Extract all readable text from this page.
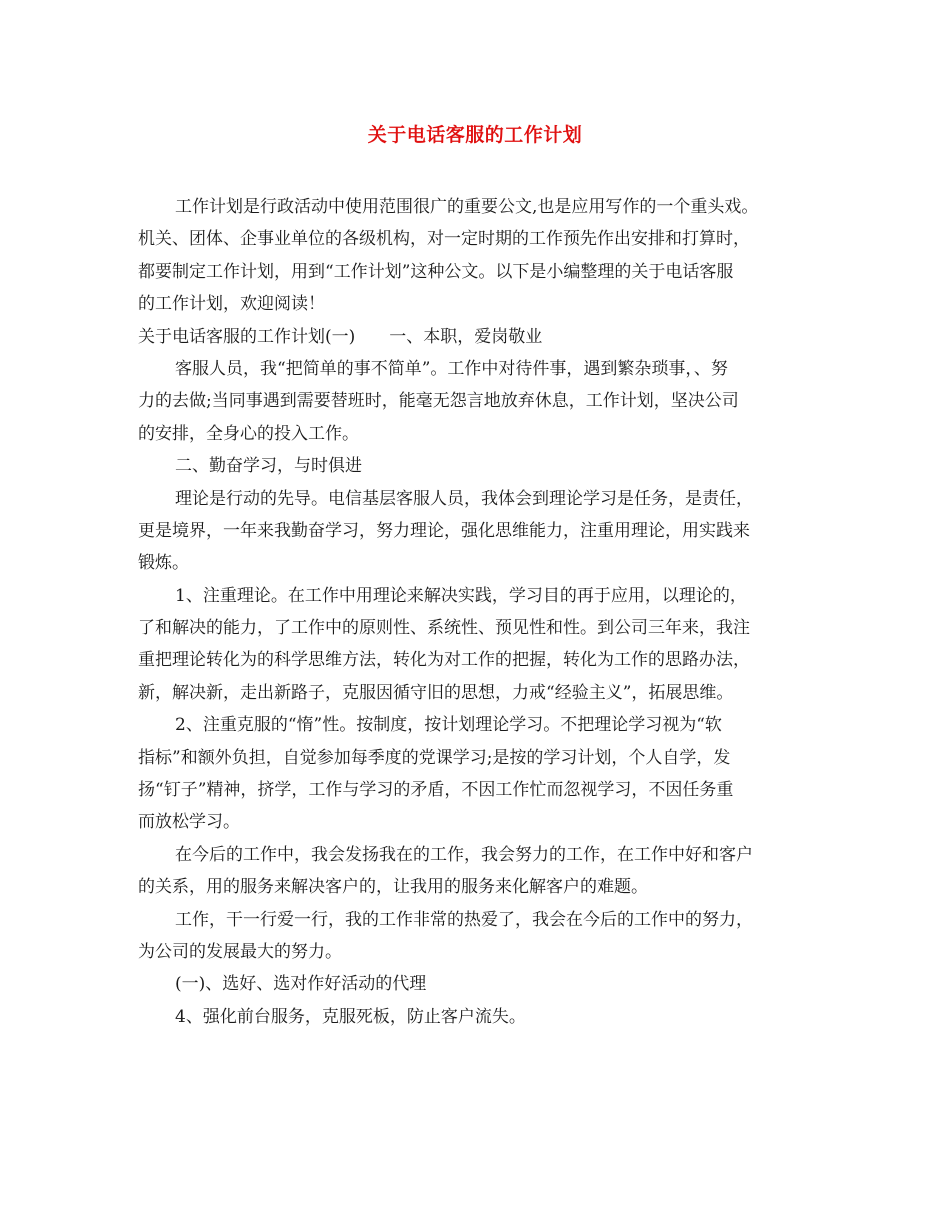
关于电话客服的工作计划
工作计划是行政活动中使用范围很广的重要公文,也是应用写作的一个重头戏。
机关、团体、企事业单位的各级机构，对一定时期的工作预先作出安排和打算时，
都要制定工作计划，用到“工作计划”这种公文。以下是小编整理的关于电话客服
的工作计划，欢迎阅读！
关于电话客服的工作计划(一)　　一、本职，爱岗敬业
客服人员，我“把简单的事不简单”。工作中对待件事，遇到繁杂琐事，、努
力的去做;当同事遇到需要替班时，能毫无怨言地放弃休息，工作计划，坚决公司
的安排，全身心的投入工作。
二、勤奋学习，与时俱进
理论是行动的先导。电信基层客服人员，我体会到理论学习是任务，是责任，
更是境界，一年来我勤奋学习，努力理论，强化思维能力，注重用理论，用实践来
锻炼。
1、注重理论。在工作中用理论来解决实践，学习目的再于应用，以理论的，
了和解决的能力，了工作中的原则性、系统性、预见性和性。到公司三年来，我注
重把理论转化为的科学思维方法，转化为对工作的把握，转化为工作的思路办法，
新，解决新，走出新路子，克服因循守旧的思想，力戒“经验主义”，拓展思维。
2、注重克服的“惰”性。按制度，按计划理论学习。不把理论学习视为“软
指标”和额外负担，自觉参加每季度的党课学习;是按的学习计划，个人自学，发
扬“钉子”精神，挤学，工作与学习的矛盾，不因工作忙而忽视学习，不因任务重
而放松学习。
在今后的工作中，我会发扬我在的工作，我会努力的工作，在工作中好和客户
的关系，用的服务来解决客户的，让我用的服务来化解客户的难题。
工作，干一行爱一行，我的工作非常的热爱了，我会在今后的工作中的努力，
为公司的发展最大的努力。
(一)、选好、选对作好活动的代理
4、强化前台服务，克服死板，防止客户流失。
